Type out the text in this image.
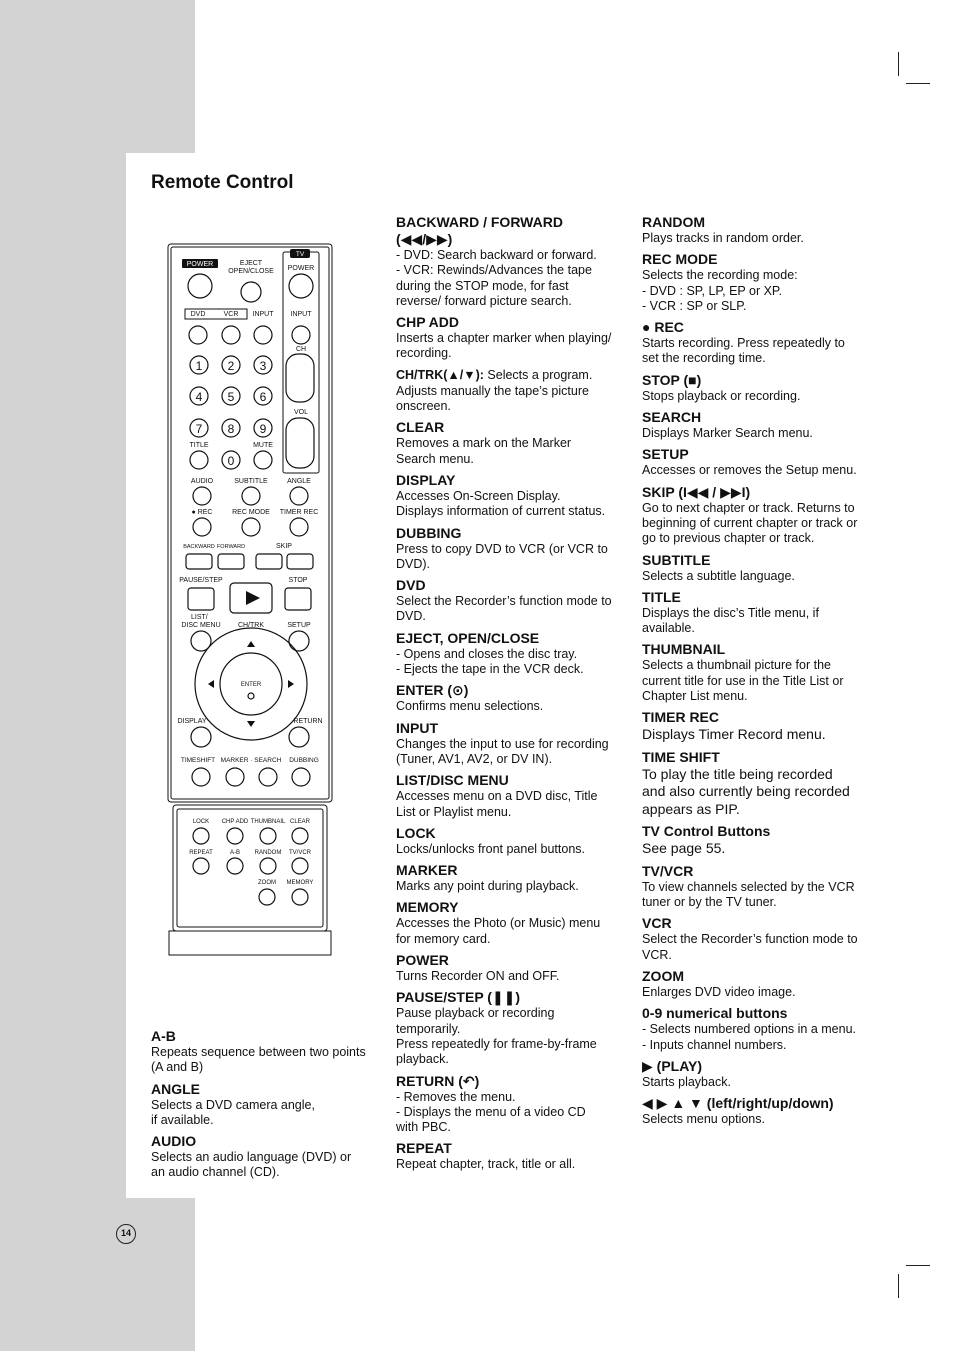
Remote Control
TV
POWER	EJECT
OPEN/CLOSE POWER
DVD	VCR INPUT INPUT
CH
VOL
1 2 3
4 5 6
7 8 9
0
TITLE	MUTE
AUDIO	SUBTITLE	ANGLE
● REC	REC MODE TIMER REC
BACKWARD FORWARD	SKIP
PAUSE/STEP	STOP
LIST/
DISC MENU CH/TRK	SETUP
ENTER
DISPLAY	RETURN
TIMESHIFT MARKER · SEARCH DUBBING
LOCK CHP ADD THUMBNAIL CLEAR
REPEAT	A-B RANDOM TV/VCR
ZOOM MEMORY
A-B
Repeats sequence between two points
(A and B)
ANGLE
Selects a DVD camera angle,
if available.
AUDIO
Selects an audio language (DVD) or
an audio channel (CD).
BACKWARD / FORWARD
(◀◀/▶▶)
- DVD: Search backward or forward.
- VCR: Rewinds/Advances the tape
during the STOP mode, for fast
reverse/ forward picture search.
CHP ADD
Inserts a chapter marker when playing/
recording.
CH/TRK(▲/▼): Selects a program.
Adjusts manually the tape’s picture
onscreen.
CLEAR
Removes a mark on the Marker
Search menu.
DISPLAY
Accesses On-Screen Display.
Displays information of current status.
DUBBING
Press to copy DVD to VCR (or VCR to
DVD).
DVD
Select the Recorder’s function mode to
DVD.
EJECT, OPEN/CLOSE
- Opens and closes the disc tray.
- Ejects the tape in the VCR deck.
ENTER (⊙)
Confirms menu selections.
INPUT
Changes the input to use for recording
(Tuner, AV1, AV2, or DV IN).
LIST/DISC MENU
Accesses menu on a DVD disc, Title
List or Playlist menu.
LOCK
Locks/unlocks front panel buttons.
MARKER
Marks any point during playback.
MEMORY
Accesses the Photo (or Music) menu
for memory card.
POWER
Turns Recorder ON and OFF.
PAUSE/STEP (❚❚)
Pause playback or recording
temporarily.
Press repeatedly for frame-by-frame
playback.
RETURN (↶)
- Removes the menu.
- Displays the menu of a video CD
with PBC.
REPEAT
Repeat chapter, track, title or all.
RANDOM
Plays tracks in random order.
REC MODE
Selects the recording mode:
- DVD : SP, LP, EP or XP.
- VCR : SP or SLP.
● REC
Starts recording. Press repeatedly to
set the recording time.
STOP (■)
Stops playback or recording.
SEARCH
Displays Marker Search menu.
SETUP
Accesses or removes the Setup menu.
SKIP (I◀◀ / ▶▶I)
Go to next chapter or track. Returns to
beginning of current chapter or track or
go to previous chapter or track.
SUBTITLE
Selects a subtitle language.
TITLE
Displays the disc’s Title menu, if
available.
THUMBNAIL
Selects a thumbnail picture for the
current title for use in the Title List or
Chapter List menu.
TIMER REC
Displays Timer Record menu.
TIME SHIFT
To play the title being recorded
and also currently being recorded
appears as PIP.
TV Control Buttons
See page 55.
TV/VCR
To view channels selected by the VCR
tuner or by the TV tuner.
VCR
Select the Recorder’s function mode to
VCR.
ZOOM
Enlarges DVD video image.
0-9 numerical buttons
- Selects numbered options in a menu.
- Inputs channel numbers.
▶ (PLAY)
Starts playback.
◀ ▶ ▲ ▼ (left/right/up/down)
Selects menu options.
14
